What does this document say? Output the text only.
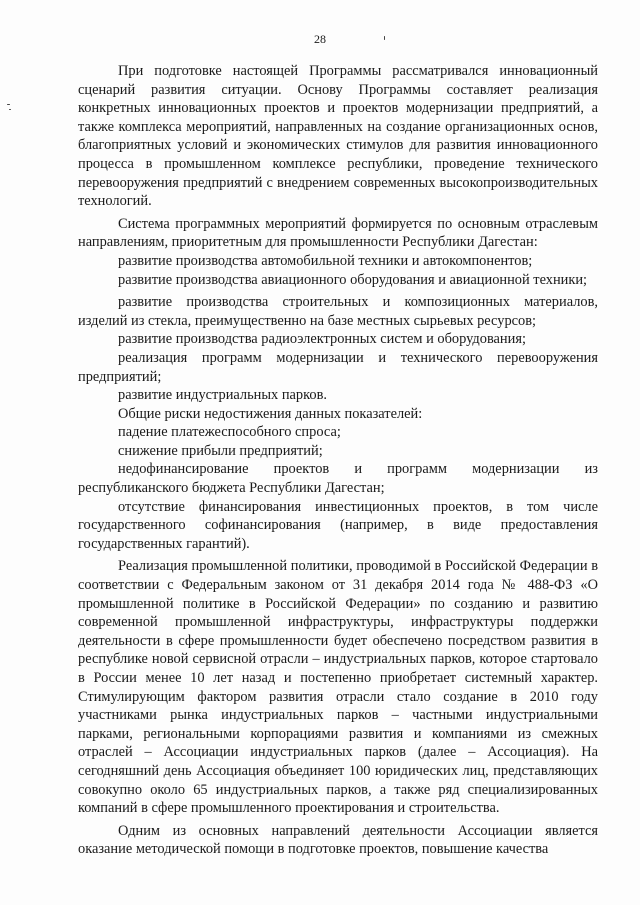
28

При подготовке настоящей Программы рассматривался инновационный сценарий развития ситуации. Основу Программы составляет реализация конкретных инновационных проектов и проектов модернизации предприятий, а также комплекса мероприятий, направленных на создание организационных основ, благоприятных условий и экономических стимулов для развития инновационного процесса в промышленном комплексе республики, проведение технического перевооружения предприятий с внедрением современных высокопроизводительных технологий.

Система программных мероприятий формируется по основным отраслевым направлениям, приоритетным для промышленности Республики Дагестан:

развитие производства автомобильной техники и автокомпонентов;

развитие производства авиационного оборудования и авиационной техники;

развитие производства строительных и композиционных материалов, изделий из стекла, преимущественно на базе местных сырьевых ресурсов;

развитие производства радиоэлектронных систем и оборудования;

реализация программ модернизации и технического перевооружения предприятий;

развитие индустриальных парков.

Общие риски недостижения данных показателей:

падение платежеспособного спроса;

снижение прибыли предприятий;

недофинансирование проектов и программ модернизации из республиканского бюджета Республики Дагестан;

отсутствие финансирования инвестиционных проектов, в том числе государственного софинансирования (например, в виде предоставления государственных гарантий).

Реализация промышленной политики, проводимой в Российской Федерации в соответствии с Федеральным законом от 31 декабря 2014 года № 488-ФЗ «О промышленной политике в Российской Федерации» по созданию и развитию современной промышленной инфраструктуры, инфраструктуры поддержки деятельности в сфере промышленности будет обеспечено посредством развития в республике новой сервисной отрасли – индустриальных парков, которое стартовало в России менее 10 лет назад и постепенно приобретает системный характер. Стимулирующим фактором развития отрасли стало создание в 2010 году участниками рынка индустриальных парков – частными индустриальными парками, региональными корпорациями развития и компаниями из смежных отраслей – Ассоциации индустриальных парков (далее – Ассоциация). На сегодняшний день Ассоциация объединяет 100 юридических лиц, представляющих совокупно около 65 индустриальных парков, а также ряд специализированных компаний в сфере промышленного проектирования и строительства.

Одним из основных направлений деятельности Ассоциации является оказание методической помощи в подготовке проектов, повышение качества
